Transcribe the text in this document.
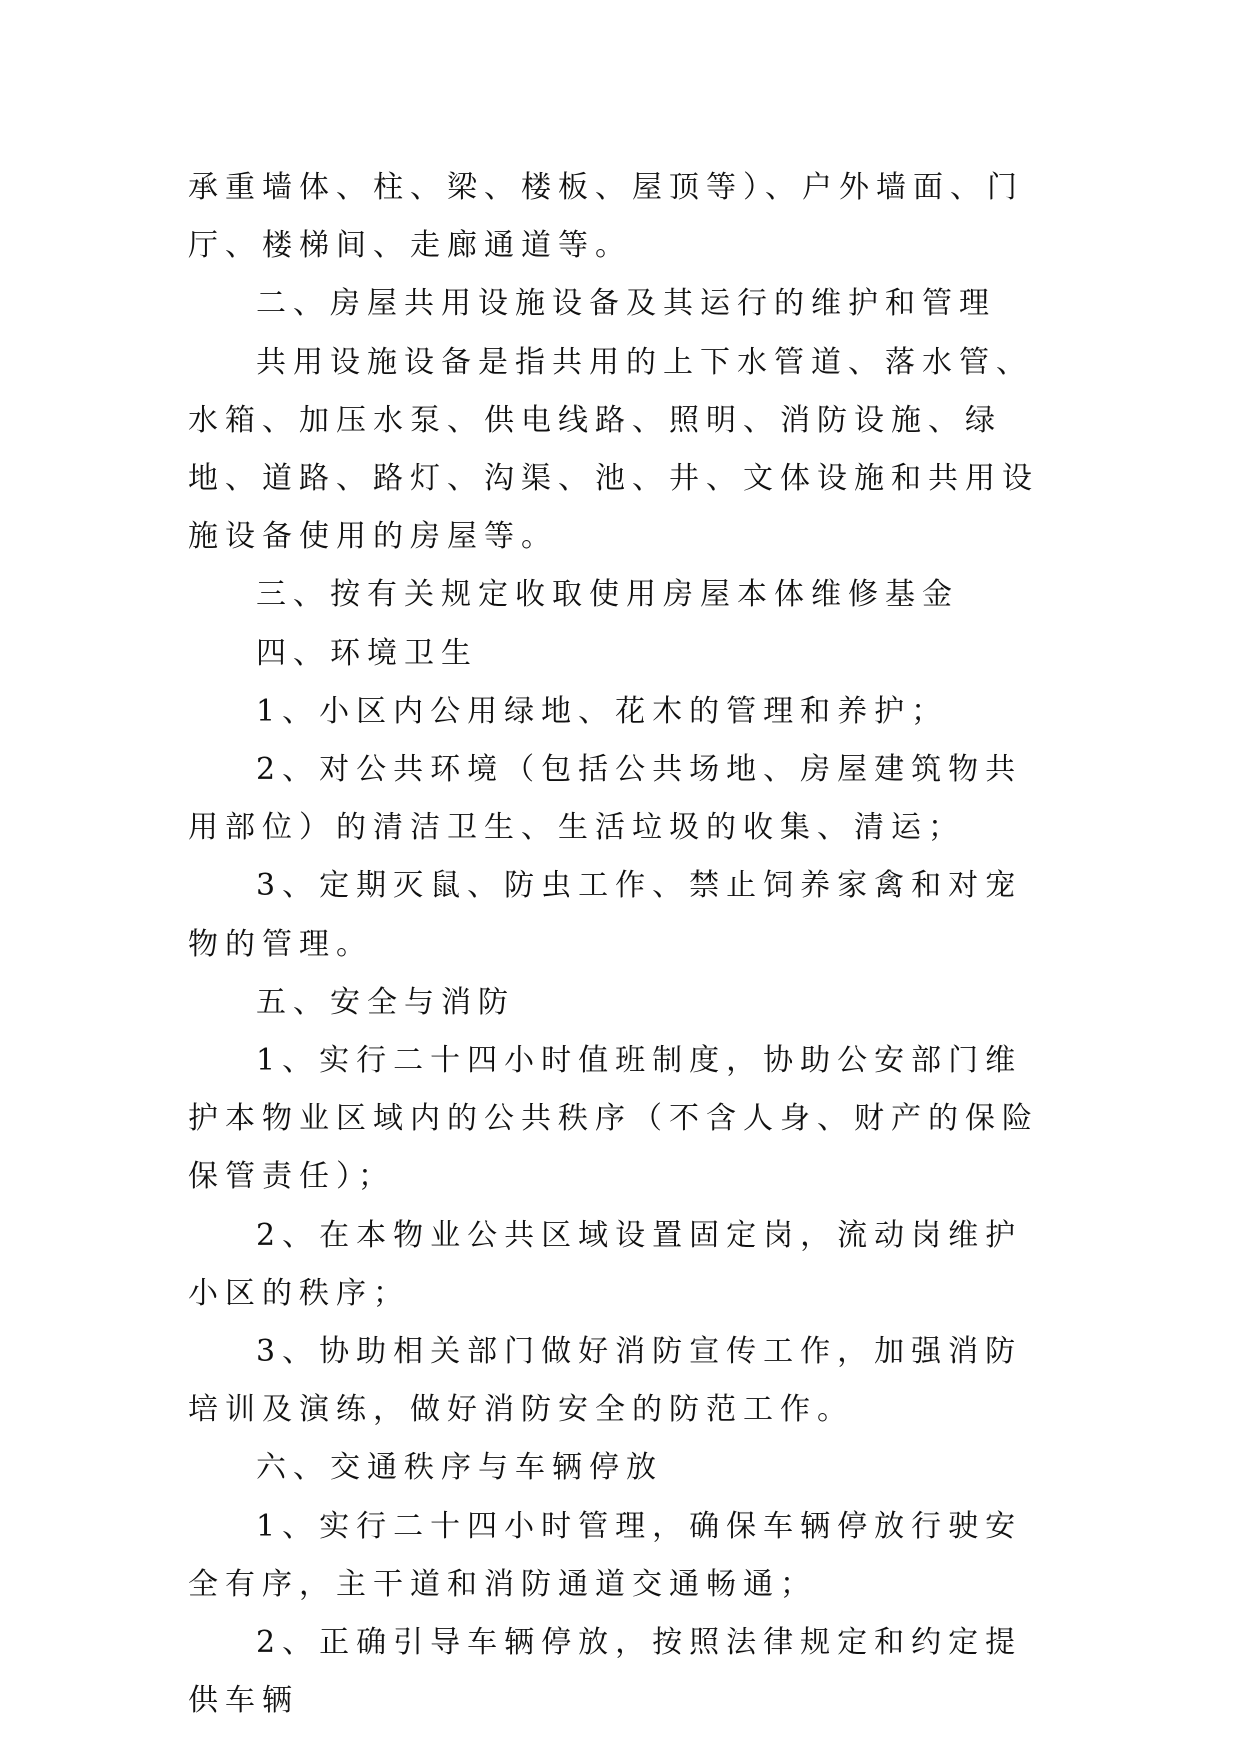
承重墙体、柱、梁、楼板、屋顶等）、户外墙面、门厅、楼梯间、走廊通道等。

二、房屋共用设施设备及其运行的维护和管理

共用设施设备是指共用的上下水管道、落水管、水箱、加压水泵、供电线路、照明、消防设施、绿地、道路、路灯、沟渠、池、井、文体设施和共用设施设备使用的房屋等。

三、按有关规定收取使用房屋本体维修基金

四、环境卫生

1、小区内公用绿地、花木的管理和养护；

2、对公共环境（包括公共场地、房屋建筑物共用部位）的清洁卫生、生活垃圾的收集、清运；

3、定期灭鼠、防虫工作、禁止饲养家禽和对宠物的管理。

五、安全与消防

1、实行二十四小时值班制度，协助公安部门维护本物业区域内的公共秩序（不含人身、财产的保险保管责任）；

2、在本物业公共区域设置固定岗，流动岗维护小区的秩序；

3、协助相关部门做好消防宣传工作，加强消防培训及演练，做好消防安全的防范工作。

六、交通秩序与车辆停放

1、实行二十四小时管理，确保车辆停放行驶安全有序，主干道和消防通道交通畅通；

2、正确引导车辆停放，按照法律规定和约定提供车辆
